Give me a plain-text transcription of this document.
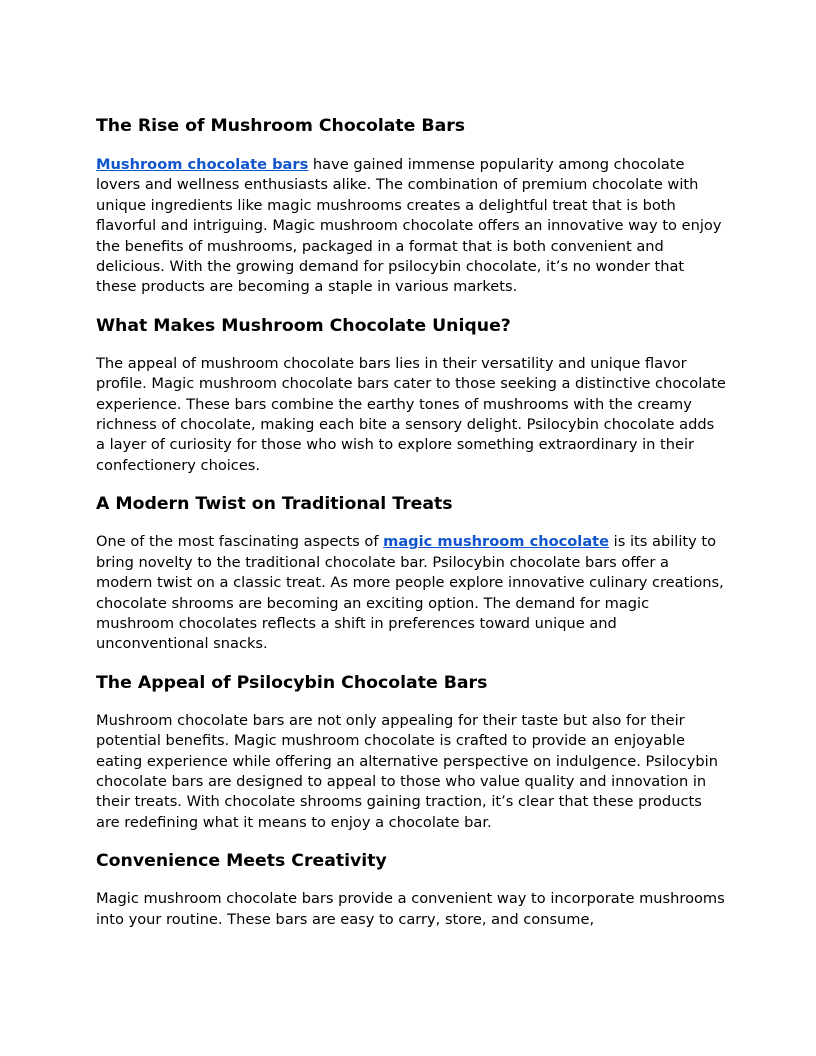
The Rise of Mushroom Chocolate Bars

Mushroom chocolate bars have gained immense popularity among chocolate lovers and wellness enthusiasts alike. The combination of premium chocolate with unique ingredients like magic mushrooms creates a delightful treat that is both flavorful and intriguing. Magic mushroom chocolate offers an innovative way to enjoy the benefits of mushrooms, packaged in a format that is both convenient and delicious. With the growing demand for psilocybin chocolate, it’s no wonder that these products are becoming a staple in various markets.

What Makes Mushroom Chocolate Unique?

The appeal of mushroom chocolate bars lies in their versatility and unique flavor profile. Magic mushroom chocolate bars cater to those seeking a distinctive chocolate experience. These bars combine the earthy tones of mushrooms with the creamy richness of chocolate, making each bite a sensory delight. Psilocybin chocolate adds a layer of curiosity for those who wish to explore something extraordinary in their confectionery choices.

A Modern Twist on Traditional Treats

One of the most fascinating aspects of magic mushroom chocolate is its ability to bring novelty to the traditional chocolate bar. Psilocybin chocolate bars offer a modern twist on a classic treat. As more people explore innovative culinary creations, chocolate shrooms are becoming an exciting option. The demand for magic mushroom chocolates reflects a shift in preferences toward unique and unconventional snacks.

The Appeal of Psilocybin Chocolate Bars

Mushroom chocolate bars are not only appealing for their taste but also for their potential benefits. Magic mushroom chocolate is crafted to provide an enjoyable eating experience while offering an alternative perspective on indulgence. Psilocybin chocolate bars are designed to appeal to those who value quality and innovation in their treats. With chocolate shrooms gaining traction, it’s clear that these products are redefining what it means to enjoy a chocolate bar.

Convenience Meets Creativity

Magic mushroom chocolate bars provide a convenient way to incorporate mushrooms into your routine. These bars are easy to carry, store, and consume,
